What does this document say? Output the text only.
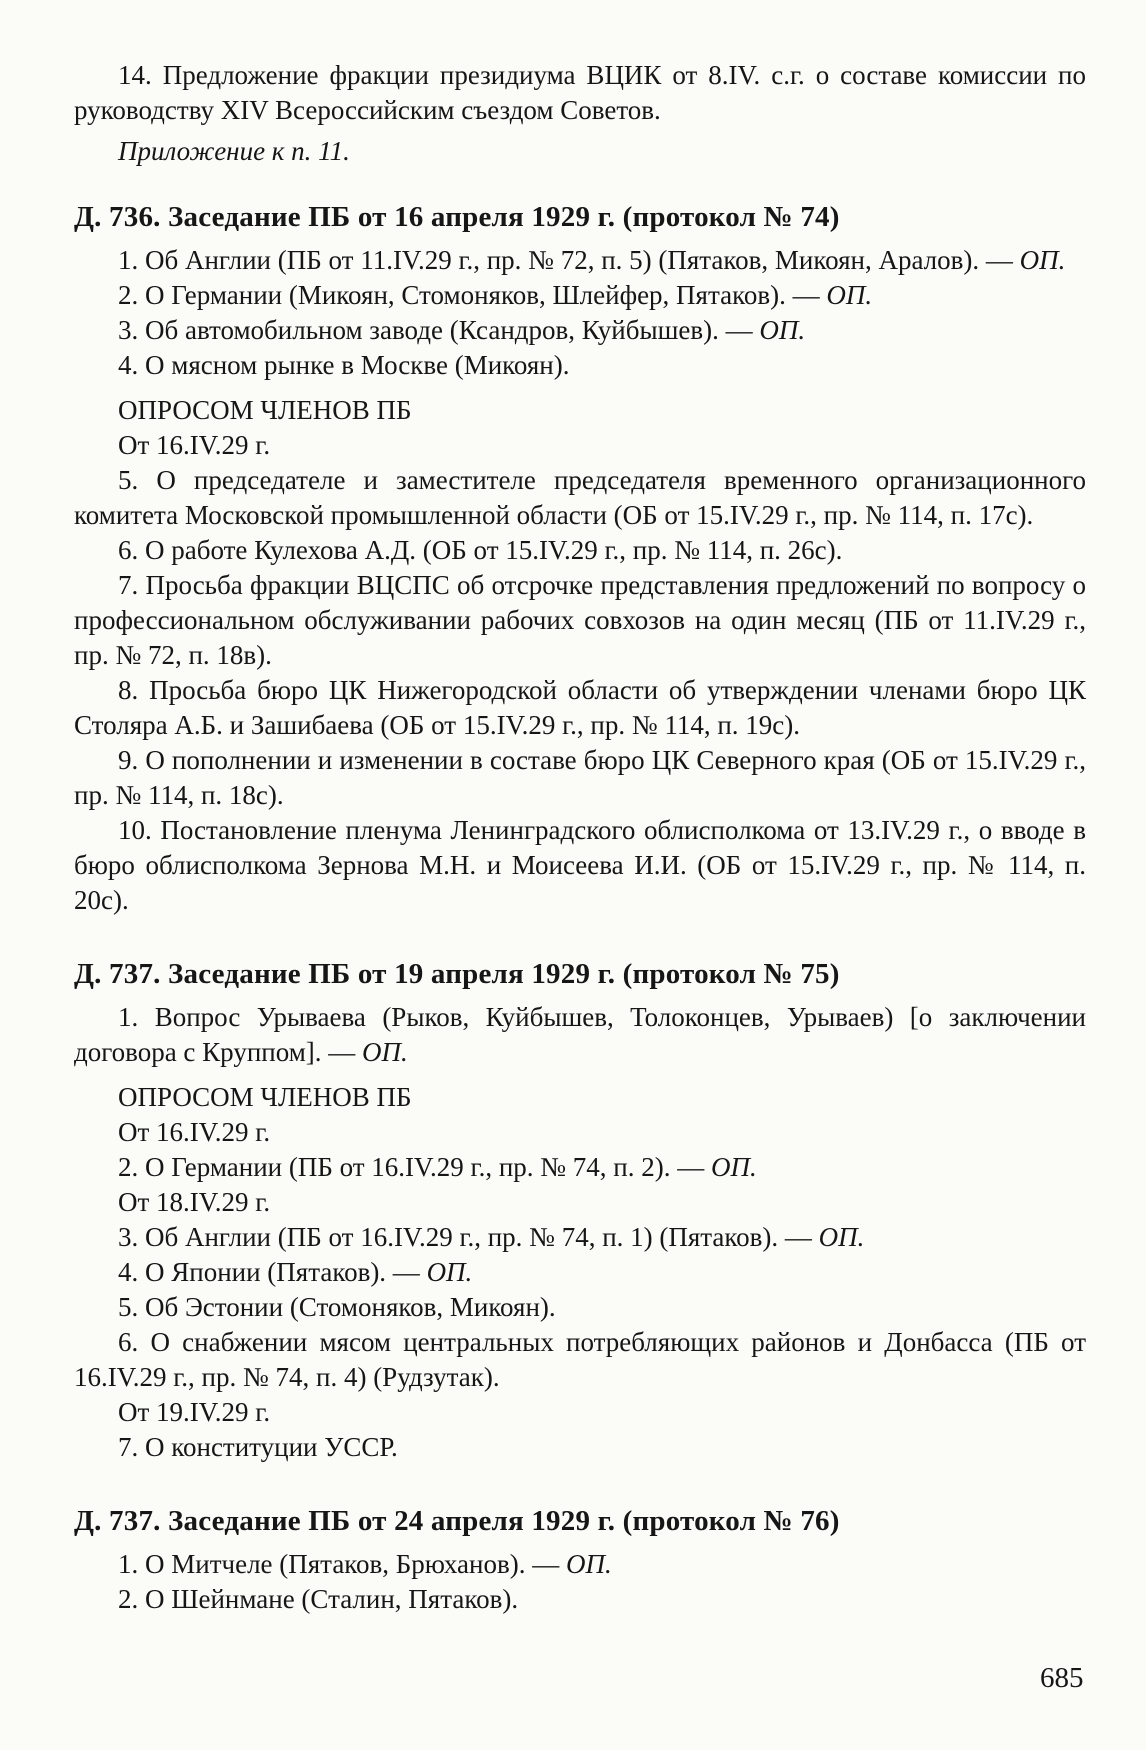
14. Предложение фракции президиума ВЦИК от 8.IV. с.г. о составе комиссии по руководству XIV Всероссийским съездом Советов.

Приложение к п. 11.

Д. 736. Заседание ПБ от 16 апреля 1929 г. (протокол № 74)

1. Об Англии (ПБ от 11.IV.29 г., пр. № 72, п. 5) (Пятаков, Микоян, Аралов). — ОП.

2. О Германии (Микоян, Стомоняков, Шлейфер, Пятаков). — ОП.

3. Об автомобильном заводе (Ксандров, Куйбышев). — ОП.

4. О мясном рынке в Москве (Микоян).

ОПРОСОМ ЧЛЕНОВ ПБ

От 16.IV.29 г.

5. О председателе и заместителе председателя временного организационного комитета Московской промышленной области (ОБ от 15.IV.29 г., пр. № 114, п. 17с).

6. О работе Кулехова А.Д. (ОБ от 15.IV.29 г., пр. № 114, п. 26с).

7. Просьба фракции ВЦСПС об отсрочке представления предложений по вопросу о профессиональном обслуживании рабочих совхозов на один месяц (ПБ от 11.IV.29 г., пр. № 72, п. 18в).

8. Просьба бюро ЦК Нижегородской области об утверждении членами бюро ЦК Столяра А.Б. и Зашибаева (ОБ от 15.IV.29 г., пр. № 114, п. 19с).

9. О пополнении и изменении в составе бюро ЦК Северного края (ОБ от 15.IV.29 г., пр. № 114, п. 18с).

10. Постановление пленума Ленинградского облисполкома от 13.IV.29 г., о вводе в бюро облисполкома Зернова М.Н. и Моисеева И.И. (ОБ от 15.IV.29 г., пр. № 114, п. 20с).

Д. 737. Заседание ПБ от 19 апреля 1929 г. (протокол № 75)

1. Вопрос Урываева (Рыков, Куйбышев, Толоконцев, Урываев) [о заключении договора с Круппом]. — ОП.

ОПРОСОМ ЧЛЕНОВ ПБ

От 16.IV.29 г.

2. О Германии (ПБ от 16.IV.29 г., пр. № 74, п. 2). — ОП.

От 18.IV.29 г.

3. Об Англии (ПБ от 16.IV.29 г., пр. № 74, п. 1) (Пятаков). — ОП.

4. О Японии (Пятаков). — ОП.

5. Об Эстонии (Стомоняков, Микоян).

6. О снабжении мясом центральных потребляющих районов и Донбасса (ПБ от 16.IV.29 г., пр. № 74, п. 4) (Рудзутак).

От 19.IV.29 г.

7. О конституции УССР.

Д. 737. Заседание ПБ от 24 апреля 1929 г. (протокол № 76)

1. О Митчеле (Пятаков, Брюханов). — ОП.

2. О Шейнмане (Сталин, Пятаков).

685
